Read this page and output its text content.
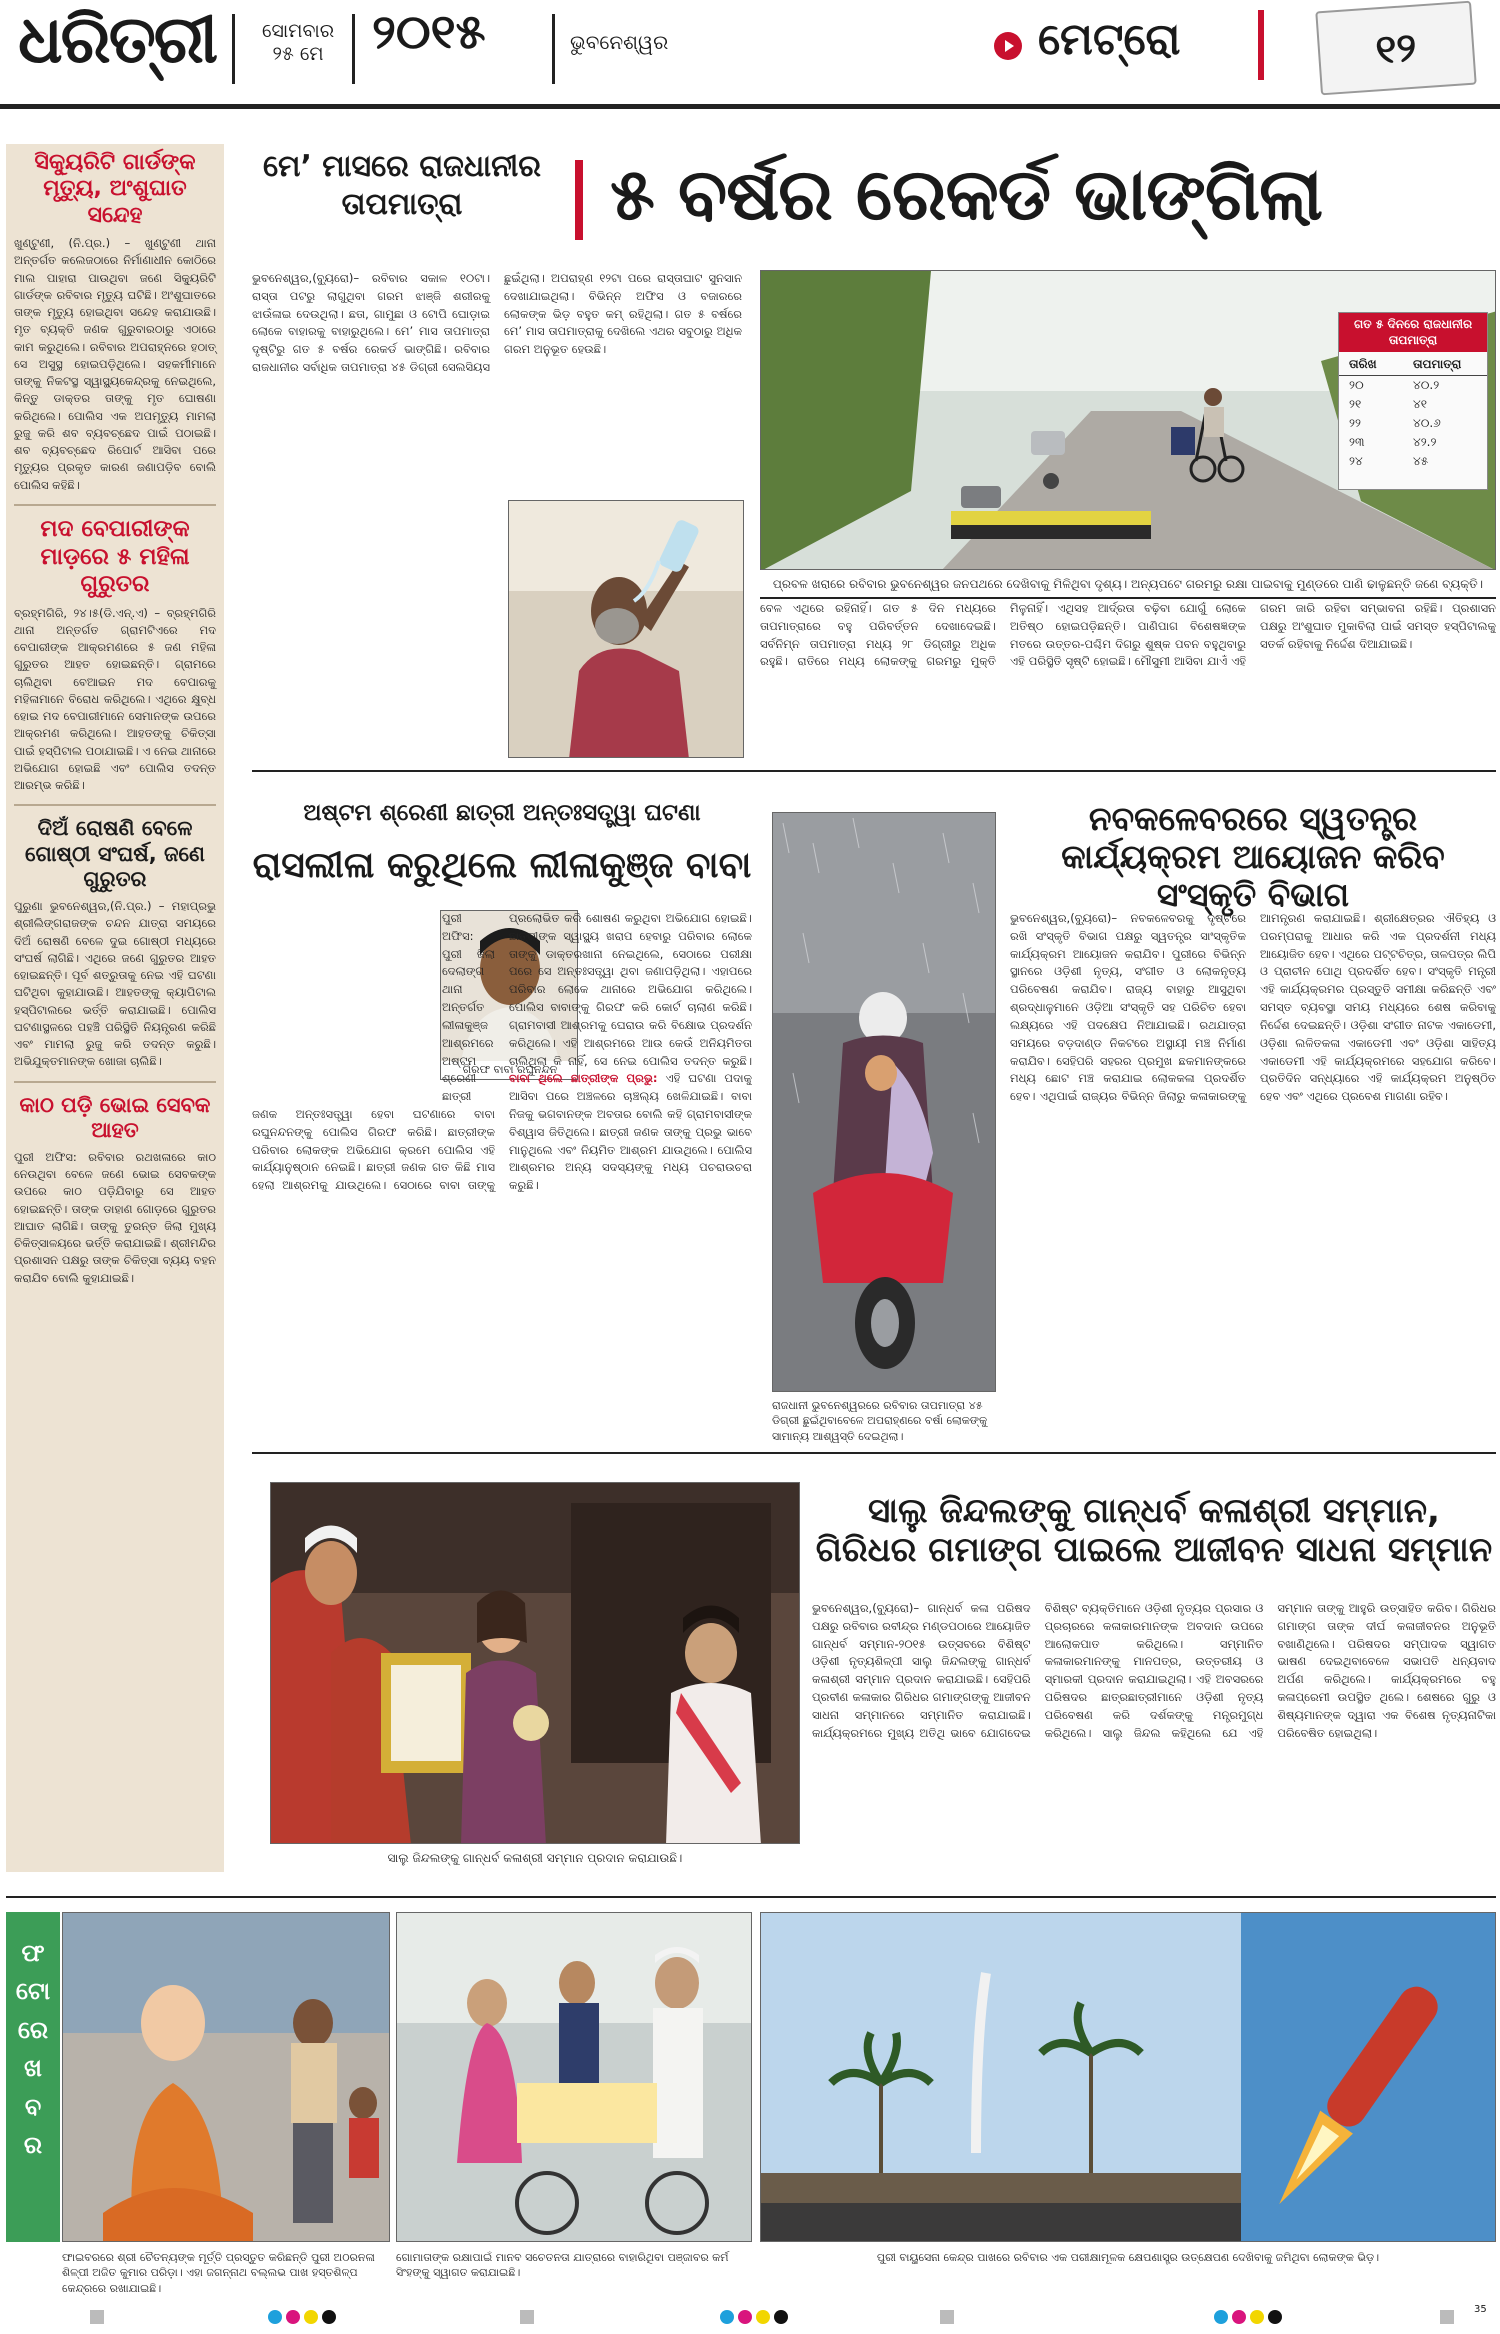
ଧରିତ୍ରୀ ସୋମବାର
୨୫ ମେ ୨୦୧୫	ଭୁବନେଶ୍ୱର	ମେଟ୍ରୋ	୧୨
ସିକ୍ୟୁରିଟି ଗାର୍ଡଙ୍କ ମୃତ୍ୟୁ, ଅଂଶୁଘାତ ସନ୍ଦେହ

ଖୁଣ୍ଟୁଣୀ, (ନି.ପ୍ର.) – ଖୁଣ୍ଟୁଣୀ ଥାନା ଅନ୍ତର୍ଗତ କଲେଜଠାରେ ନିର୍ମାଣାଧୀନ କୋଠିରେ ମାଲ ପାହାରା ପାଉଥିବା ଜଣେ ସିକ୍ୟୁରିଟି ଗାର୍ଡଙ୍କ ରବିବାର ମୃତ୍ୟୁ ଘଟିଛି। ଅଂଶୁଘାତରେ ତାଙ୍କ ମୃତ୍ୟୁ ହୋଇଥିବା ସନ୍ଦେହ କରାଯାଉଛି। ମୃତ ବ୍ୟକ୍ତି ଜଣକ ଗୁରୁବାରଠାରୁ ଏଠାରେ କାମ କରୁଥିଲେ। ରବିବାର ଅପରାହ୍ନରେ ହଠାତ୍ ସେ ଅସୁସ୍ଥ ହୋଇପଡ଼ିଥିଲେ। ସହକର୍ମୀମାନେ ତାଙ୍କୁ ନିକଟସ୍ଥ ସ୍ୱାସ୍ଥ୍ୟକେନ୍ଦ୍ରକୁ ନେଇଥିଲେ, କିନ୍ତୁ ଡାକ୍ତର ତାଙ୍କୁ ମୃତ ଘୋଷଣା କରିଥିଲେ। ପୋଲିସ ଏକ ଅପମୃତ୍ୟୁ ମାମଲା ରୁଜୁ କରି ଶବ ବ୍ୟବଚ୍ଛେଦ ପାଇଁ ପଠାଇଛି। ଶବ ବ୍ୟବଚ୍ଛେଦ ରିପୋର୍ଟ ଆସିବା ପରେ ମୃତ୍ୟୁର ପ୍ରକୃତ କାରଣ ଜଣାପଡ଼ିବ ବୋଲି ପୋଲିସ କହିଛି।

ମଦ ବେପାରୀଙ୍କ ମାଡ଼ରେ ୫ ମହିଳା ଗୁରୁତର

ବ୍ରହ୍ମଗିରି, ୨୪।୫(ଡି.ଏନ୍.ଏ) – ବ୍ରହ୍ମଗିରି ଥାନା ଅନ୍ତର୍ଗତ ଗ୍ରାମଟିଏରେ ମଦ ବେପାରୀଙ୍କ ଆକ୍ରମଣରେ ୫ ଜଣ ମହିଳା ଗୁରୁତର ଆହତ ହୋଇଛନ୍ତି। ଗ୍ରାମରେ ଚାଲିଥିବା ବେଆଇନ ମଦ ବେପାରକୁ ମହିଳାମାନେ ବିରୋଧ କରିଥିଲେ। ଏଥିରେ କ୍ଷୁବ୍ଧ ହୋଇ ମଦ ବେପାରୀମାନେ ସେମାନଙ୍କ ଉପରେ ଆକ୍ରମଣ କରିଥିଲେ। ଆହତଙ୍କୁ ଚିକିତ୍ସା ପାଇଁ ହସ୍ପିଟାଲ ପଠାଯାଇଛି। ଏ ନେଇ ଥାନାରେ ଅଭିଯୋଗ ହୋଇଛି ଏବଂ ପୋଲିସ ତଦନ୍ତ ଆରମ୍ଭ କରିଛି।

ଦିଅଁ ରୋଷଣି ବେଳେ ଗୋଷ୍ଠୀ ସଂଘର୍ଷ, ଜଣେ ଗୁରୁତର

ପୁରୁଣା ଭୁବନେଶ୍ୱର,(ନି.ପ୍ର.) – ମହାପ୍ରଭୁ ଶ୍ରୀଲିଙ୍ଗରାଜଙ୍କ ଚନ୍ଦନ ଯାତ୍ରା ସମୟରେ ଦିଅଁ ରୋଷଣି ବେଳେ ଦୁଇ ଗୋଷ୍ଠୀ ମଧ୍ୟରେ ସଂଘର୍ଷ ଲାଗିଛି। ଏଥିରେ ଜଣେ ଗୁରୁତର ଆହତ ହୋଇଛନ୍ତି। ପୂର୍ବ ଶତ୍ରୁତାକୁ ନେଇ ଏହି ଘଟଣା ଘଟିଥିବା କୁହାଯାଉଛି। ଆହତଙ୍କୁ କ୍ୟାପିଟାଲ ହସ୍ପିଟାଲରେ ଭର୍ତ୍ତି କରାଯାଇଛି। ପୋଲିସ ଘଟଣାସ୍ଥଳରେ ପହଞ୍ଚି ପରିସ୍ଥିତି ନିୟନ୍ତ୍ରଣ କରିଛି ଏବଂ ମାମଲା ରୁଜୁ କରି ତଦନ୍ତ କରୁଛି। ଅଭିଯୁକ୍ତମାନଙ୍କ ଖୋଜା ଚାଲିଛି।

କାଠ ପଡ଼ି ଭୋଇ ସେବକ ଆହତ

ପୁରୀ ଅଫିସ: ରବିବାର ରଥଖଳାରେ କାଠ ନେଉଥିବା ବେଳେ ଜଣେ ଭୋଇ ସେବକଙ୍କ ଉପରେ କାଠ ପଡ଼ିଯିବାରୁ ସେ ଆହତ ହୋଇଛନ୍ତି। ତାଙ୍କ ଡାହାଣ ଗୋଡ଼ରେ ଗୁରୁତର ଆଘାତ ଲାଗିଛି। ତାଙ୍କୁ ତୁରନ୍ତ ଜିଲା ମୁଖ୍ୟ ଚିକିତ୍ସାଳୟରେ ଭର୍ତ୍ତି କରାଯାଇଛି। ଶ୍ରୀମନ୍ଦିର ପ୍ରଶାସନ ପକ୍ଷରୁ ତାଙ୍କ ଚିକିତ୍ସା ବ୍ୟୟ ବହନ କରାଯିବ ବୋଲି କୁହାଯାଇଛି।

ମେ’ ମାସରେ ରାଜଧାନୀର ତାପମାତ୍ରା	୫ ବର୍ଷର ରେକର୍ଡ ଭାଙ୍ଗିଲା
ଭୁବନେଶ୍ୱର,(ବ୍ୟୁରୋ)– ରବିବାର ସକାଳ ୧୦ଟା। ରାସ୍ତା ପଟରୁ ଲାଗୁଥିବା ଗରମ ଝାଞ୍ଜି ଶରୀରକୁ ଝାଉଁଳାଇ ଦେଉଥିଲା। ଛତା, ଗାମୁଛା ଓ ଟୋପି ଘୋଡ଼ାଇ ଲୋକେ ବାହାରକୁ ବାହାରୁଥିଲେ। ମେ’ ମାସ ତାପମାତ୍ରା ଦୃଷ୍ଟିରୁ ଗତ ୫ ବର୍ଷର ରେକର୍ଡ ଭାଙ୍ଗିଛି। ରବିବାର ରାଜଧାନୀର ସର୍ବାଧିକ ତାପମାତ୍ରା ୪୫ ଡିଗ୍ରୀ ସେଲସିୟସ ଛୁଇଁଥିଲା। ଅପରାହ୍ଣ ୧୨ଟା ପରେ ରାସ୍ତାଘାଟ ସୁନସାନ ଦେଖାଯାଇଥିଲା। ବିଭିନ୍ନ ଅଫିସ ଓ ବଜାରରେ ଲୋକଙ୍କ ଭିଡ଼ ବହୁତ କମ୍ ରହିଥିଲା। ଗତ ୫ ବର୍ଷରେ ମେ’ ମାସ ତାପମାତ୍ରାକୁ ଦେଖିଲେ ଏଥର ସବୁଠାରୁ ଅଧିକ ଗରମ ଅନୁଭୂତ ହେଉଛି।
ଗତ ୫ ଦିନରେ ରାଜଧାନୀର ତାପମାତ୍ରା
ତାରିଖ	ତାପମାତ୍ରା
୨୦	୪୦.୨
୨୧	୪୧
୨୨	୪୦.୬
୨୩	୪୨.୨
୨୪	୪୫
ପ୍ରବଳ ଖରାରେ ରବିବାର ଭୁବନେଶ୍ୱର ଜନପଥରେ ଦେଖିବାକୁ ମିଳିଥିବା ଦୃଶ୍ୟ। ଅନ୍ୟପଟେ ଗରମରୁ ରକ୍ଷା ପାଇବାକୁ ମୁଣ୍ଡରେ ପାଣି ଢାଳୁଛନ୍ତି ଜଣେ ବ୍ୟକ୍ତି।
ବେଳ ଏଥିରେ ରହିନାହିଁ। ଗତ ୫ ଦିନ ମଧ୍ୟରେ ତାପମାତ୍ରାରେ ବହୁ ପରିବର୍ତ୍ତନ ଦେଖାଦେଇଛି। ସର୍ବନିମ୍ନ ତାପମାତ୍ରା ମଧ୍ୟ ୨୮ ଡିଗ୍ରୀରୁ ଅଧିକ ରହୁଛି। ରାତିରେ ମଧ୍ୟ ଲୋକଙ୍କୁ ଗରମରୁ ମୁକ୍ତି ମିଳୁନାହିଁ। ଏଥିସହ ଆର୍ଦ୍ରତା ବଢ଼ିବା ଯୋଗୁଁ ଲୋକେ ଅତିଷ୍ଠ ହୋଇପଡ଼ିଛନ୍ତି। ପାଣିପାଗ ବିଶେଷଜ୍ଞଙ୍କ ମତରେ ଉତ୍ତର-ପଶ୍ଚିମ ଦିଗରୁ ଶୁଷ୍କ ପବନ ବହୁଥିବାରୁ ଏହି ପରିସ୍ଥିତି ସୃଷ୍ଟି ହୋଇଛି। ମୌସୁମୀ ଆସିବା ଯାଏଁ ଏହି ଗରମ ଜାରି ରହିବା ସମ୍ଭାବନା ରହିଛି। ପ୍ରଶାସନ ପକ୍ଷରୁ ଅଂଶୁଘାତ ମୁକାବିଲା ପାଇଁ ସମସ୍ତ ହସ୍ପିଟାଲକୁ ସତର୍କ ରହିବାକୁ ନିର୍ଦ୍ଦେଶ ଦିଆଯାଇଛି।
ଅଷ୍ଟମ ଶ୍ରେଣୀ ଛାତ୍ରୀ ଅନ୍ତଃସତ୍ତ୍ୱା ଘଟଣା
ରାସଲୀଳା କରୁଥିଲେ ଲୀଳାକୁଞ୍ଜ ବାବା
ଗିରଫ ବାବା ରଘୁନନ୍ଦନ
ପୁରୀ ଅଫିସ: ପୁରୀ ଜିଲା ଦେଲାଙ୍ଗ ଥାନା ଅନ୍ତର୍ଗତ ଲୀଳାକୁଞ୍ଜ ଆଶ୍ରମରେ ଅଷ୍ଟମ ଶ୍ରେଣୀ ଛାତ୍ରୀ ଜଣକ ଅନ୍ତଃସତ୍ତ୍ୱା ହେବା ଘଟଣାରେ ବାବା ରଘୁନନ୍ଦନଙ୍କୁ ପୋଲିସ ଗିରଫ କରିଛି। ଛାତ୍ରୀଙ୍କ ପରିବାର ଲୋକଙ୍କ ଅଭିଯୋଗ କ୍ରମେ ପୋଲିସ ଏହି କାର୍ଯ୍ୟାନୁଷ୍ଠାନ ନେଇଛି। ଛାତ୍ରୀ ଜଣକ ଗତ କିଛି ମାସ ହେଲା ଆଶ୍ରମକୁ ଯାଉଥିଲେ। ସେଠାରେ ବାବା ତାଙ୍କୁ ପ୍ରଲୋଭିତ କରି ଶୋଷଣ କରୁଥିବା ଅଭିଯୋଗ ହୋଇଛି। ଛାତ୍ରୀଙ୍କ ସ୍ୱାସ୍ଥ୍ୟ ଖରାପ ହେବାରୁ ପରିବାର ଲୋକେ ତାଙ୍କୁ ଡାକ୍ତରଖାନା ନେଇଥିଲେ, ସେଠାରେ ପରୀକ୍ଷା ପରେ ସେ ଅନ୍ତଃସତ୍ତ୍ୱା ଥିବା ଜଣାପଡ଼ିଥିଲା। ଏହାପରେ ପରିବାର ଲୋକେ ଥାନାରେ ଅଭିଯୋଗ କରିଥିଲେ। ପୋଲିସ ବାବାଙ୍କୁ ଗିରଫ କରି କୋର୍ଟ ଚାଲାଣ କରିଛି। ଗ୍ରାମବାସୀ ଆଶ୍ରମକୁ ଘେରାଉ କରି ବିକ୍ଷୋଭ ପ୍ରଦର୍ଶନ କରିଥିଲେ। ଏହି ଆଶ୍ରମରେ ଆଉ କେଉଁ ଅନିୟମିତତା ଚାଲିଥିଲା କି ନାହିଁ, ସେ ନେଇ ପୋଲିସ ତଦନ୍ତ କରୁଛି। ବାବା ଥିଲେ ଛାତ୍ରୀଙ୍କ ପ୍ରଭୁ: ଏହି ଘଟଣା ପଦାକୁ ଆସିବା ପରେ ଅଞ୍ଚଳରେ ଚାଞ୍ଚଲ୍ୟ ଖେଳିଯାଇଛି। ବାବା ନିଜକୁ ଭଗବାନଙ୍କ ଅବତାର ବୋଲି କହି ଗ୍ରାମବାସୀଙ୍କ ବିଶ୍ୱାସ ଜିତିଥିଲେ। ଛାତ୍ରୀ ଜଣକ ତାଙ୍କୁ ପ୍ରଭୁ ଭାବେ ମାନୁଥିଲେ ଏବଂ ନିୟମିତ ଆଶ୍ରମ ଯାଉଥିଲେ। ପୋଲିସ ଆଶ୍ରମର ଅନ୍ୟ ସଦସ୍ୟଙ୍କୁ ମଧ୍ୟ ପଚରାଉଚରା କରୁଛି।
ରାଜଧାନୀ ଭୁବନେଶ୍ୱରରେ ରବିବାର ତାପମାତ୍ରା ୪୫ ଡିଗ୍ରୀ ଛୁଇଁଥିବାବେଳେ ଅପରାହ୍ଣରେ ବର୍ଷା ଲୋକଙ୍କୁ ସାମାନ୍ୟ ଆଶ୍ୱସ୍ତି ଦେଇଥିଲା।
ନବକଳେବରରେ ସ୍ୱତନ୍ତ୍ର କାର୍ଯ୍ୟକ୍ରମ ଆୟୋଜନ କରିବ ସଂସ୍କୃତି ବିଭାଗ
ଭୁବନେଶ୍ୱର,(ବ୍ୟୁରୋ)– ନବକଳେବରକୁ ଦୃଷ୍ଟିରେ ରଖି ସଂସ୍କୃତି ବିଭାଗ ପକ୍ଷରୁ ସ୍ୱତନ୍ତ୍ର ସାଂସ୍କୃତିକ କାର୍ଯ୍ୟକ୍ରମ ଆୟୋଜନ କରାଯିବ। ପୁରୀରେ ବିଭିନ୍ନ ସ୍ଥାନରେ ଓଡ଼ିଶୀ ନୃତ୍ୟ, ସଂଗୀତ ଓ ଲୋକନୃତ୍ୟ ପରିବେଷଣ କରାଯିବ। ରାଜ୍ୟ ବାହାରୁ ଆସୁଥିବା ଶ୍ରଦ୍ଧାଳୁମାନେ ଓଡ଼ିଆ ସଂସ୍କୃତି ସହ ପରିଚିତ ହେବା ଲକ୍ଷ୍ୟରେ ଏହି ପଦକ୍ଷେପ ନିଆଯାଇଛି। ରଥଯାତ୍ରା ସମୟରେ ବଡ଼ଦାଣ୍ଡ ନିକଟରେ ଅସ୍ଥାୟୀ ମଞ୍ଚ ନିର୍ମାଣ କରାଯିବ। ସେହିପରି ସହରର ପ୍ରମୁଖ ଛକମାନଙ୍କରେ ମଧ୍ୟ ଛୋଟ ମଞ୍ଚ କରାଯାଇ ଲୋକକଳା ପ୍ରଦର୍ଶିତ ହେବ। ଏଥିପାଇଁ ରାଜ୍ୟର ବିଭିନ୍ନ ଜିଲାରୁ କଳାକାରଙ୍କୁ ଆମନ୍ତ୍ରଣ କରାଯାଇଛି। ଶ୍ରୀକ୍ଷେତ୍ରର ଐତିହ୍ୟ ଓ ପରମ୍ପରାକୁ ଆଧାର କରି ଏକ ପ୍ରଦର୍ଶନୀ ମଧ୍ୟ ଆୟୋଜିତ ହେବ। ଏଥିରେ ପଟ୍ଟଚିତ୍ର, ତାଳପତ୍ର ଲିପି ଓ ପ୍ରାଚୀନ ପୋଥି ପ୍ରଦର୍ଶିତ ହେବ। ସଂସ୍କୃତି ମନ୍ତ୍ରୀ ଏହି କାର୍ଯ୍ୟକ୍ରମର ପ୍ରସ୍ତୁତି ସମୀକ୍ଷା କରିଛନ୍ତି ଏବଂ ସମସ୍ତ ବ୍ୟବସ୍ଥା ସମୟ ମଧ୍ୟରେ ଶେଷ କରିବାକୁ ନିର୍ଦ୍ଦେଶ ଦେଇଛନ୍ତି। ଓଡ଼ିଶା ସଂଗୀତ ନାଟକ ଏକାଡେମୀ, ଓଡ଼ିଶା ଲଳିତକଳା ଏକାଡେମୀ ଏବଂ ଓଡ଼ିଶା ସାହିତ୍ୟ ଏକାଡେମୀ ଏହି କାର୍ଯ୍ୟକ୍ରମରେ ସହଯୋଗ କରିବେ। ପ୍ରତିଦିନ ସନ୍ଧ୍ୟାରେ ଏହି କାର୍ଯ୍ୟକ୍ରମ ଅନୁଷ୍ଠିତ ହେବ ଏବଂ ଏଥିରେ ପ୍ରବେଶ ମାଗଣା ରହିବ।
ସାଲୁ ଜିନ୍ଦଲଙ୍କୁ ଗାନ୍ଧର୍ବ କଳାଶ୍ରୀ ସମ୍ମାନ ପ୍ରଦାନ କରାଯାଉଛି।
ସାଲୁ ଜିନ୍ଦଲଙ୍କୁ ଗାନ୍ଧର୍ବ କଳାଶ୍ରୀ ସମ୍ମାନ, ଗିରିଧର ଗମାଙ୍ଗ ପାଇଲେ ଆଜୀବନ ସାଧନା ସମ୍ମାନ
ଭୁବନେଶ୍ୱର,(ବ୍ୟୁରୋ)– ଗାନ୍ଧର୍ବ କଳା ପରିଷଦ ପକ୍ଷରୁ ରବିବାର ରବୀନ୍ଦ୍ର ମଣ୍ଡପଠାରେ ଆୟୋଜିତ ଗାନ୍ଧର୍ବ ସମ୍ମାନ-୨୦୧୫ ଉତ୍ସବରେ ବିଶିଷ୍ଟ ଓଡ଼ିଶୀ ନୃତ୍ୟଶିଳ୍ପୀ ସାଲୁ ଜିନ୍ଦଲଙ୍କୁ ଗାନ୍ଧର୍ବ କଳାଶ୍ରୀ ସମ୍ମାନ ପ୍ରଦାନ କରାଯାଇଛି। ସେହିପରି ପ୍ରବୀଣ କଳାକାର ଗିରିଧର ଗମାଙ୍ଗଙ୍କୁ ଆଜୀବନ ସାଧନା ସମ୍ମାନରେ ସମ୍ମାନିତ କରାଯାଇଛି। କାର୍ଯ୍ୟକ୍ରମରେ ମୁଖ୍ୟ ଅତିଥି ଭାବେ ଯୋଗଦେଇ ବିଶିଷ୍ଟ ବ୍ୟକ୍ତିମାନେ ଓଡ଼ିଶୀ ନୃତ୍ୟର ପ୍ରସାର ଓ ପ୍ରଚାରରେ କଳାକାରମାନଙ୍କ ଅବଦାନ ଉପରେ ଆଲୋକପାତ କରିଥିଲେ। ସମ୍ମାନିତ କଳାକାରମାନଙ୍କୁ ମାନପତ୍ର, ଉତ୍ତରୀୟ ଓ ସ୍ମାରକୀ ପ୍ରଦାନ କରାଯାଇଥିଲା। ଏହି ଅବସରରେ ପରିଷଦର ଛାତ୍ରଛାତ୍ରୀମାନେ ଓଡ଼ିଶୀ ନୃତ୍ୟ ପରିବେଷଣ କରି ଦର୍ଶକଙ୍କୁ ମନ୍ତ୍ରମୁଗ୍ଧ କରିଥିଲେ। ସାଲୁ ଜିନ୍ଦଲ କହିଥିଲେ ଯେ ଏହି ସମ୍ମାନ ତାଙ୍କୁ ଆହୁରି ଉତ୍ସାହିତ କରିବ। ଗିରିଧର ଗମାଙ୍ଗ ତାଙ୍କ ଦୀର୍ଘ କଳାଜୀବନର ଅନୁଭୂତି ବଖାଣିଥିଲେ। ପରିଷଦର ସମ୍ପାଦକ ସ୍ୱାଗତ ଭାଷଣ ଦେଇଥିବାବେଳେ ସଭାପତି ଧନ୍ୟବାଦ ଅର୍ପଣ କରିଥିଲେ। କାର୍ଯ୍ୟକ୍ରମରେ ବହୁ କଳାପ୍ରେମୀ ଉପସ୍ଥିତ ଥିଲେ। ଶେଷରେ ଗୁରୁ ଓ ଶିଷ୍ୟମାନଙ୍କ ଦ୍ୱାରା ଏକ ବିଶେଷ ନୃତ୍ୟନାଟିକା ପରିବେଷିତ ହୋଇଥିଲା।
ଫ
ଟୋ
ରେ
ଖ
ବ
ର
ଫାଇବରରେ ଶ୍ରୀ ଚୈତନ୍ୟଙ୍କ ମୂର୍ତ୍ତି ପ୍ରସ୍ତୁତ କରିଛନ୍ତି ପୁରୀ ଅଠରନଳା ଶିଳ୍ପୀ ଅଜିତ କୁମାର ପରିଡ଼ା। ଏହା ଜଗନ୍ନାଥ ବଲ୍ଲଭ ପାଖ ହସ୍ତଶିଳ୍ପ କେନ୍ଦ୍ରରେ ରଖାଯାଇଛି।
ଗୋମାତାଙ୍କ ରକ୍ଷାପାଇଁ ମାନବ ସଚେତନତା ଯାତ୍ରାରେ ବାହାରିଥିବା ପଞ୍ଜାବର କର୍ମ ସିଂହଙ୍କୁ ସ୍ୱାଗତ କରାଯାଇଛି।
ପୁରୀ ବାୟୁସେନା କେନ୍ଦ୍ର ପାଖରେ ରବିବାର ଏକ ପରୀକ୍ଷାମୂଳକ କ୍ଷେପଣାସ୍ତ୍ର ଉତ୍କ୍ଷେପଣ ଦେଖିବାକୁ ଜମିଥିବା ଲୋକଙ୍କ ଭିଡ଼।
35
